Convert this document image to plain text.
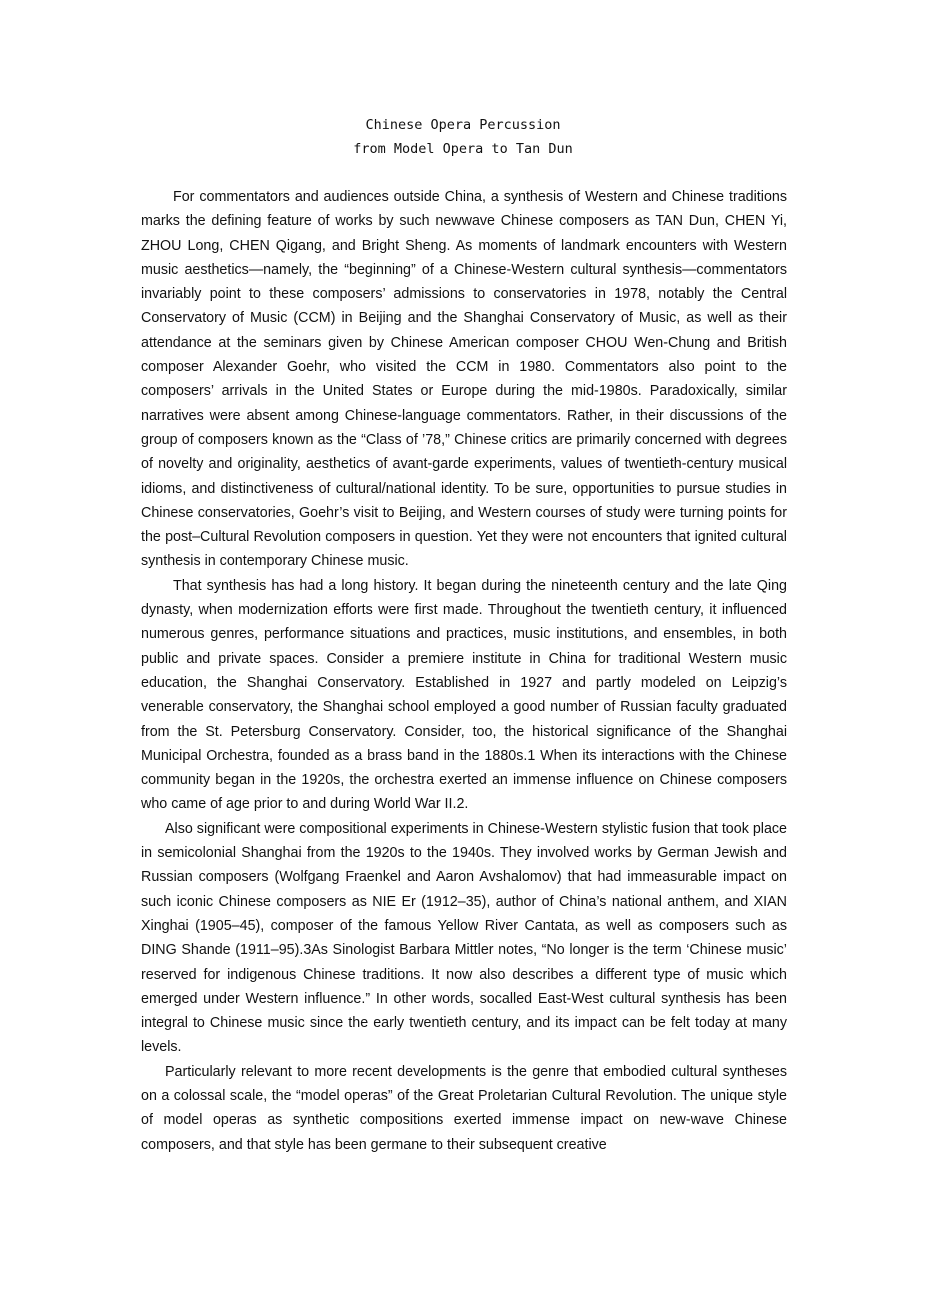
Chinese Opera Percussion
from Model Opera to Tan Dun

For commentators and audiences outside China, a synthesis of Western and Chinese traditions marks the defining feature of works by such newwave Chinese composers as TAN Dun, CHEN Yi, ZHOU Long, CHEN Qigang, and Bright Sheng. As moments of landmark encounters with Western music aesthetics—namely, the “beginning” of a Chinese-Western cultural synthesis—commentators invariably point to these composers’ admissions to conservatories in 1978, notably the Central Conservatory of Music (CCM) in Beijing and the Shanghai Conservatory of Music, as well as their attendance at the seminars given by Chinese American composer CHOU Wen-Chung and British composer Alexander Goehr, who visited the CCM in 1980. Commentators also point to the composers’ arrivals in the United States or Europe during the mid-1980s. Paradoxically, similar narratives were absent among Chinese-language commentators. Rather, in their discussions of the group of composers known as the “Class of ’78,” Chinese critics are primarily concerned with degrees of novelty and originality, aesthetics of avant-garde experiments, values of twentieth-century musical idioms, and distinctiveness of cultural/national identity. To be sure, opportunities to pursue studies in Chinese conservatories, Goehr’s visit to Beijing, and Western courses of study were turning points for the post–Cultural Revolution composers in question. Yet they were not encounters that ignited cultural synthesis in contemporary Chinese music.

That synthesis has had a long history. It began during the nineteenth century and the late Qing dynasty, when modernization efforts were first made. Throughout the twentieth century, it influenced numerous genres, performance situations and practices, music institutions, and ensembles, in both public and private spaces. Consider a premiere institute in China for traditional Western music education, the Shanghai Conservatory. Established in 1927 and partly modeled on Leipzig’s venerable conservatory, the Shanghai school employed a good number of Russian faculty graduated from the St. Petersburg Conservatory. Consider, too, the historical significance of the Shanghai Municipal Orchestra, founded as a brass band in the 1880s.1 When its interactions with the Chinese community began in the 1920s, the orchestra exerted an immense influence on Chinese composers who came of age prior to and during World War II.2.

Also significant were compositional experiments in Chinese-Western stylistic fusion that took place in semicolonial Shanghai from the 1920s to the 1940s. They involved works by German Jewish and Russian composers (Wolfgang Fraenkel and Aaron Avshalomov) that had immeasurable impact on such iconic Chinese composers as NIE Er (1912–35), author of China’s national anthem, and XIAN Xinghai (1905–45), composer of the famous Yellow River Cantata, as well as composers such as DING Shande (1911–95).3As Sinologist Barbara Mittler notes, “No longer is the term ‘Chinese music’ reserved for indigenous Chinese traditions. It now also describes a different type of music which emerged under Western influence.” In other words, socalled East-West cultural synthesis has been integral to Chinese music since the early twentieth century, and its impact can be felt today at many levels.

Particularly relevant to more recent developments is the genre that embodied cultural syntheses on a colossal scale, the “model operas” of the Great Proletarian Cultural Revolution. The unique style of model operas as synthetic compositions exerted immense impact on new-wave Chinese composers, and that style has been germane to their subsequent creative
